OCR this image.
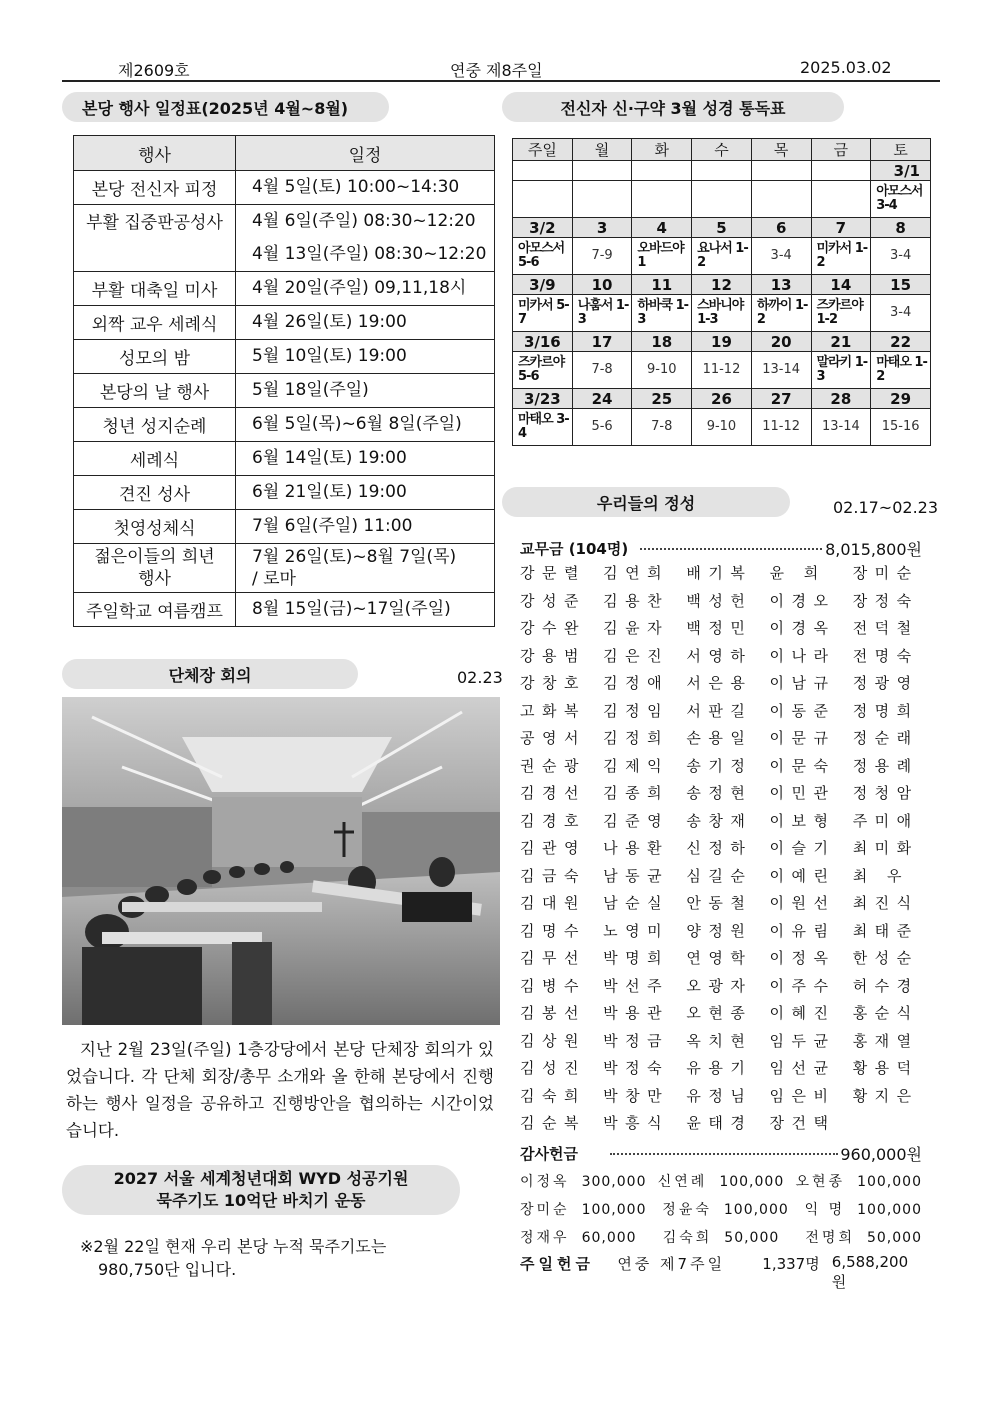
제2609호	연중 제8주일	2025.03.02
본당 행사 일정표(2025년 4월~8월)
행사	일정
본당 전신자 피정	4월 5일(토) 10:00~14:30

부활 집중판공성사	4월 6일(주일) 08:30~12:20
4월 13일(주일) 08:30~12:20

부활 대축일 미사	4월 20일(주일) 09,11,18시

외짝 교우 세례식	4월 26일(토) 19:00

성모의 밤	5월 10일(토) 19:00

본당의 날 행사	5월 18일(주일)

청년 성지순례	6월 5일(목)~6월 8일(주일)

세례식	6월 14일(토) 19:00

견진 성사	6월 21일(토) 19:00

첫영성체식	7월 6일(주일) 11:00

젊은이들의 희년 행사	7월 26일(토)~8월 7일(목)
/ 로마

주일학교 여름캠프	8월 15일(금)~17일(주일)
전신자 신·구약 3월 성경 통독표
주일	월	화	수	목	금	토
						3/1
						아모스서 3-4
3/2	3	4	5	6	7	8
아모스서 5-6	7-9	오바드야 1	요나서 1-2	3-4	미카서 1-2	3-4
3/9	10	11	12	13	14	15
미카서 5-7	나훔서 1-3	하바쿡 1-3	스바니야 1-3	하까이 1-2	즈카르야 1-2	3-4
3/16	17	18	19	20	21	22
즈카르야 5-6	7-8	9-10	11-12	13-14	말라키 1-3	마태오 1-2
3/23	24	25	26	27	28	29
마태오 3-4	5-6	7-8	9-10	11-12	13-14	15-16
단체장 회의	02.23
지난 2월 23일(주일) 1층강당에서 본당 단체장 회의가 있었습니다. 각 단체 회장/총무 소개와 올 한해 본당에서 진행하는 행사 일정을 공유하고 진행방안을 협의하는 시간이었습니다.
2027 서울 세계청년대회 WYD 성공기원
묵주기도 10억단 바치기 운동
※2월 22일 현재 우리 본당 누적 묵주기도는
980,750단 입니다.
우리들의 정성	02.17~02.23
교무금 (104명)	8,015,800원
강문렬	김연희	배기복	윤 희	장미순
강성준	김용찬	백성헌	이경오	장정숙
강수완	김윤자	백정민	이경옥	전덕철
강용범	김은진	서영하	이나라	전명숙
강창호	김정애	서은용	이남규	정광영
고화복	김정임	서판길	이동준	정명희
공영서	김정희	손용일	이문규	정순래
권순광	김제익	송기정	이문숙	정용례
김경선	김종희	송정현	이민관	정청암
김경호	김준영	송창재	이보형	주미애
김관영	나용환	신정하	이슬기	최미화
김금숙	남동균	심길순	이예린	최 우
김대원	남순실	안동철	이원선	최진식
김명수	노영미	양정원	이유림	최태준
김무선	박명희	연영학	이정옥	한성순
김병수	박선주	오광자	이주수	허수경
김봉선	박용관	오현종	이혜진	홍순식
김상원	박정금	옥치현	임두균	홍재열
김성진	박정숙	유용기	임선균	황용덕
김숙희	박창만	유정님	임은비	황지은
김순복	박흥식	윤태경	장건택
감사헌금	960,000원
이정옥 300,000 신연례 100,000 오현종 100,000
장미순 100,000 정윤숙 100,000 익 명 100,000
정재우 60,000 김숙희 50,000 전명희 50,000
주일헌금	연중 제7주일	1,337명 6,588,200원
